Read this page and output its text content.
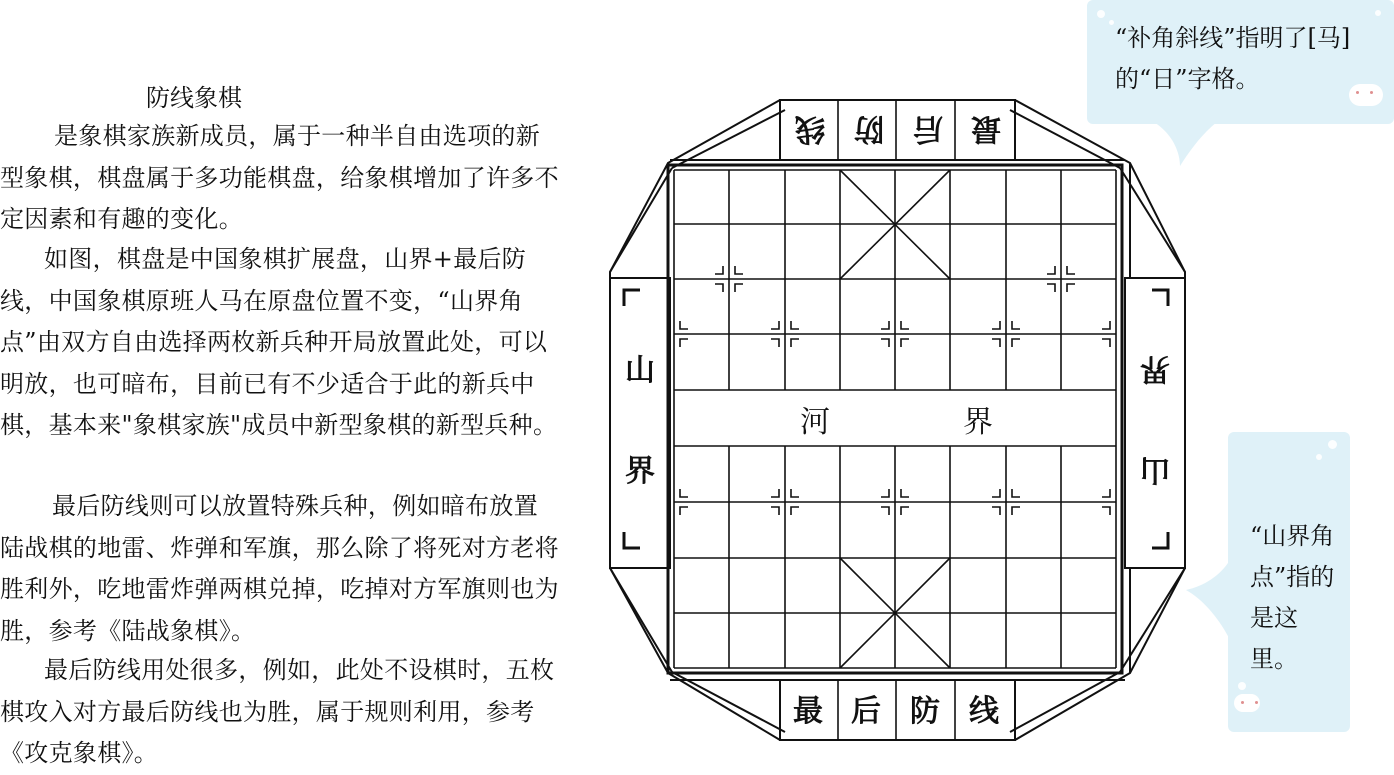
防线象棋
是象棋家族新成员，属于一种半自由选项的新型象棋，棋盘属于多功能棋盘，给象棋增加了许多不定因素和有趣的变化。
如图，棋盘是中国象棋扩展盘，山界+最后防线，中国象棋原班人马在原盘位置不变，“山界角点”由双方自由选择两枚新兵种开局放置此处，可以明放，也可暗布，目前已有不少适合于此的新兵中棋，基本来"象棋家族"成员中新型象棋的新型兵种。
最后防线则可以放置特殊兵种，例如暗布放置陆战棋的地雷、炸弹和军旗，那么除了将死对方老将胜利外，吃地雷炸弹两棋兑掉，吃掉对方军旗则也为胜，参考《陆战象棋》。
最后防线用处很多，例如，此处不设棋时，五枚棋攻入对方最后防线也为胜，属于规则利用，参考《攻克象棋》。
河	界
最 后 防 线
最
后
防
线
山
界	山
界
“补角斜线”指明了[马]的“日”字格。
“山界角点”指的是这里。
